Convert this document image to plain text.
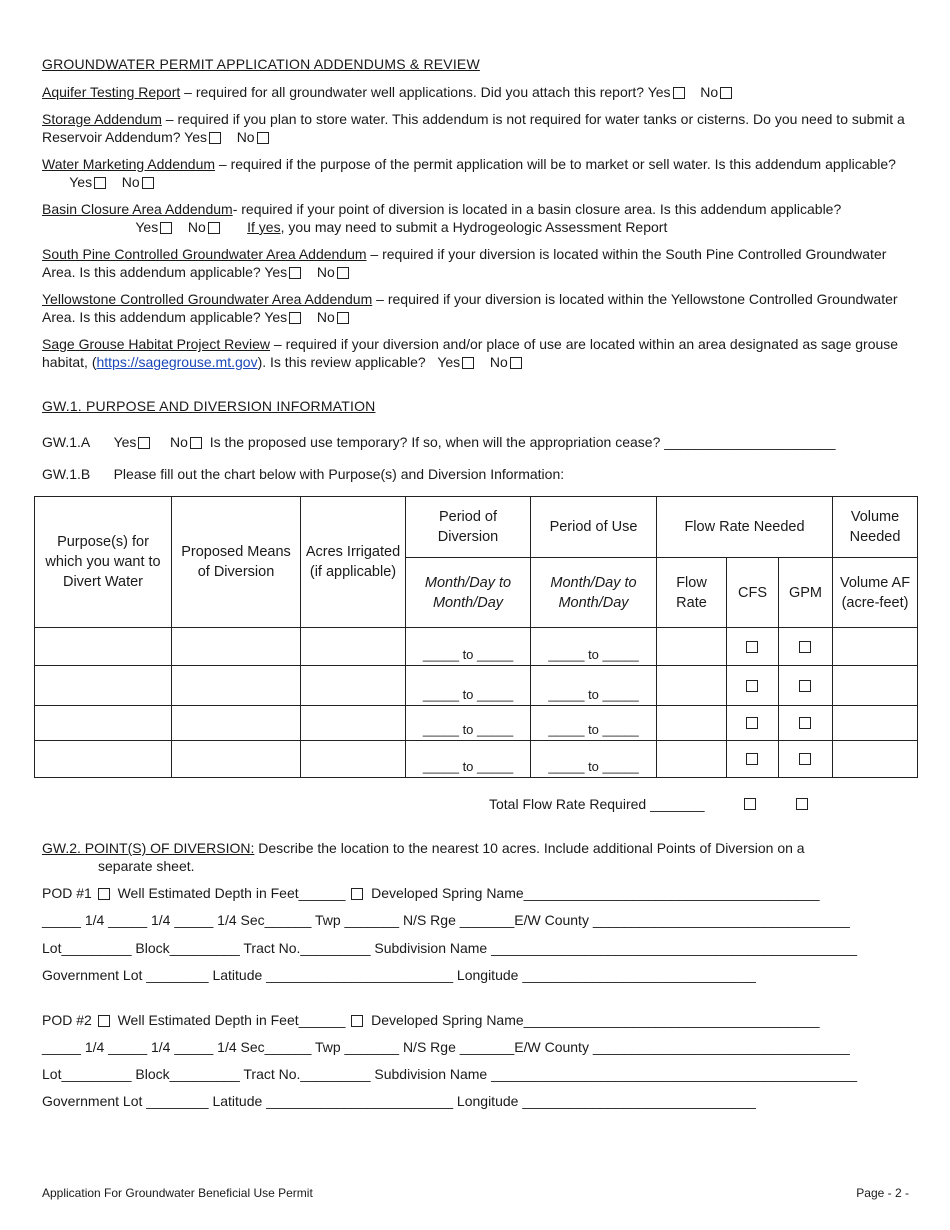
GROUNDWATER PERMIT APPLICATION ADDENDUMS & REVIEW
Aquifer Testing Report – required for all groundwater well applications. Did you attach this report? Yes No
Storage Addendum – required if you plan to store water. This addendum is not required for water tanks or cisterns. Do you need to submit a Reservoir Addendum? Yes No
Water Marketing Addendum – required if the purpose of the permit application will be to market or sell water. Is this addendum applicable?        Yes No
Basin Closure Area Addendum- required if your point of diversion is located in a basin closure area. Is this addendum applicable?                         Yes No	If yes, you may need to submit a Hydrogeologic Assessment Report
South Pine Controlled Groundwater Area Addendum – required if your diversion is located within the South Pine Controlled Groundwater Area. Is this addendum applicable? Yes No
Yellowstone Controlled Groundwater Area Addendum – required if your diversion is located within the Yellowstone Controlled Groundwater Area. Is this addendum applicable? Yes No
Sage Grouse Habitat Project Review – required if your diversion and/or place of use are located within an area designated as sage grouse habitat, (https://sagegrouse.mt.gov). Is this review applicable?   Yes No
GW.1. PURPOSE AND DIVERSION INFORMATION
GW.1.A Yes No Is the proposed use temporary? If so, when will the appropriation cease? ______________________
GW.1.B Please fill out the chart below with Purpose(s) and Diversion Information:
Purpose(s) for which you want to Divert Water	Proposed Means of Diversion	Acres Irrigated (if applicable)	Period of Diversion	Period of Use	Flow Rate Needed			Volume Needed
			Month/Day to Month/Day	Month/Day to Month/Day	Flow Rate	CFS	GPM	Volume AF (acre-feet)
			_____ to _____	_____ to _____				
			_____ to _____	_____ to _____				
			_____ to _____	_____ to _____				
			_____ to _____	_____ to _____				
Total Flow Rate Required _______
GW.2. POINT(S) OF DIVERSION: Describe the location to the nearest 10 acres. Include additional Points of Diversion on a
separate sheet.
POD #1 Well Estimated Depth in Feet______ Developed Spring Name______________________________________
_____ 1/4 _____ 1/4 _____ 1/4 Sec______ Twp _______ N/S Rge _______E/W County _________________________________
Lot_________ Block_________ Tract No._________ Subdivision Name _______________________________________________
Government Lot ________ Latitude ________________________ Longitude ______________________________
POD #2 Well Estimated Depth in Feet______ Developed Spring Name______________________________________
_____ 1/4 _____ 1/4 _____ 1/4 Sec______ Twp _______ N/S Rge _______E/W County _________________________________
Lot_________ Block_________ Tract No._________ Subdivision Name _______________________________________________
Government Lot ________ Latitude ________________________ Longitude ______________________________
Application For Groundwater Beneficial Use Permit	Page - 2 -
